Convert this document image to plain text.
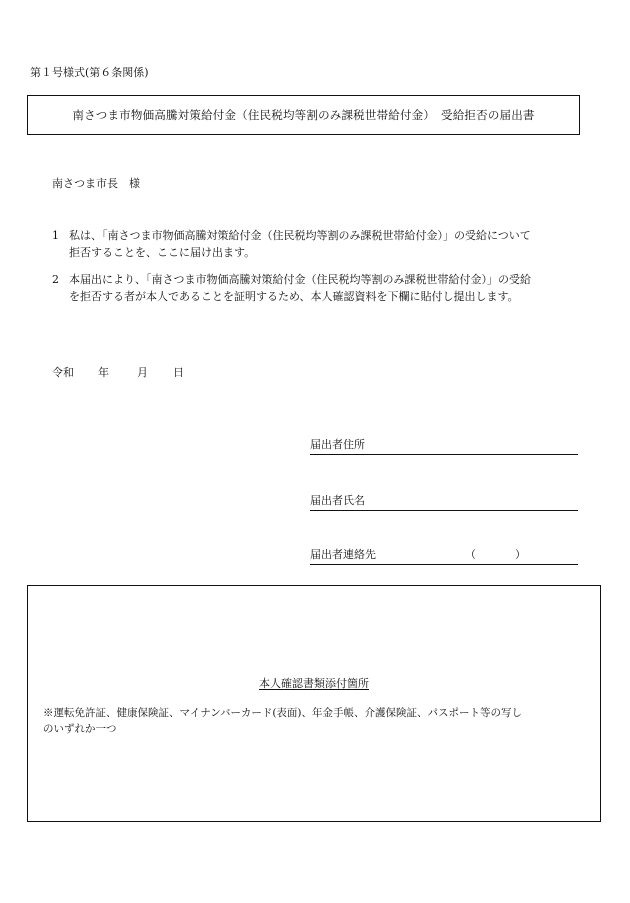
第１号様式(第６条関係)
南さつま市物価高騰対策給付金（住民税均等割のみ課税世帯給付金）　受給拒否の届出書
南さつま市長　様
1 私は、「南さつま市物価高騰対策給付金（住民税均等割のみ課税世帯給付金）」の受給について
拒否することを、ここに届け出ます。
2 本届出により、「南さつま市物価高騰対策給付金（住民税均等割のみ課税世帯給付金）」の受給
を拒否する者が本人であることを証明するため、本人確認資料を下欄に貼付し提出します。
令和 年	月 日
届出者住所
届出者氏名
届出者連絡先	（	）
本人確認書類添付箇所
※運転免許証、健康保険証、マイナンバーカード(表面)、年金手帳、介護保険証、パスポート等の写し
のいずれか一つ
